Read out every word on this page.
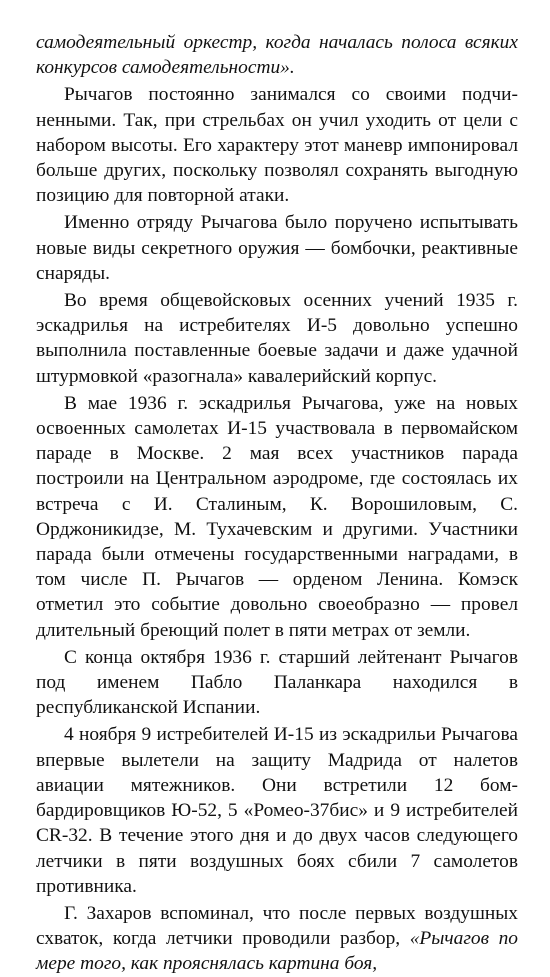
самодеятельный оркестр, когда началась полоса всяких конкурсов самодеятельности».

Рычагов постоянно занимался со своими подчиненными. Так, при стрельбах он учил уходить от цели с набором высоты. Его характеру этот маневр импонировал больше других, поскольку позволял сохранять выгодную позицию для повторной атаки.

Именно отряду Рычагова было поручено испытывать новые виды секретного оружия — бомбочки, реактивные снаряды.

Во время общевойсковых осенних учений 1935 г. эскадрилья на истребителях И-5 довольно успешно выполнила поставленные боевые задачи и даже удачной штурмовкой «разогнала» кавалерийский корпус.

В мае 1936 г. эскадрилья Рычагова, уже на новых освоенных самолетах И-15 участвовала в первомайском параде в Москве. 2 мая всех участников парада построили на Центральном аэродроме, где состоялась их встреча с И. Сталиным, К. Ворошиловым, С. Орджоникидзе, М. Тухачевским и другими. Участники парада были отмечены государственными наградами, в том числе П. Рычагов — орденом Ленина. Комэск отметил это событие довольно своеобразно — провел длительный бреющий полет в пяти метрах от земли.

С конца октября 1936 г. старший лейтенант Рычагов под именем Пабло Паланкара находился в республиканской Испании.

4 ноября 9 истребителей И-15 из эскадрильи Рычагова впервые вылетели на защиту Мадрида от налетов авиации мятежников. Они встретили 12 бомбардировщиков Ю-52, 5 «Ромео-37бис» и 9 истребителей CR-32. В течение этого дня и до двух часов следующего летчики в пяти воздушных боях сбили 7 самолетов противника.

Г. Захаров вспоминал, что после первых воздушных схваток, когда летчики проводили разбор, «Рычагов по мере того, как прояснялась картина боя,
